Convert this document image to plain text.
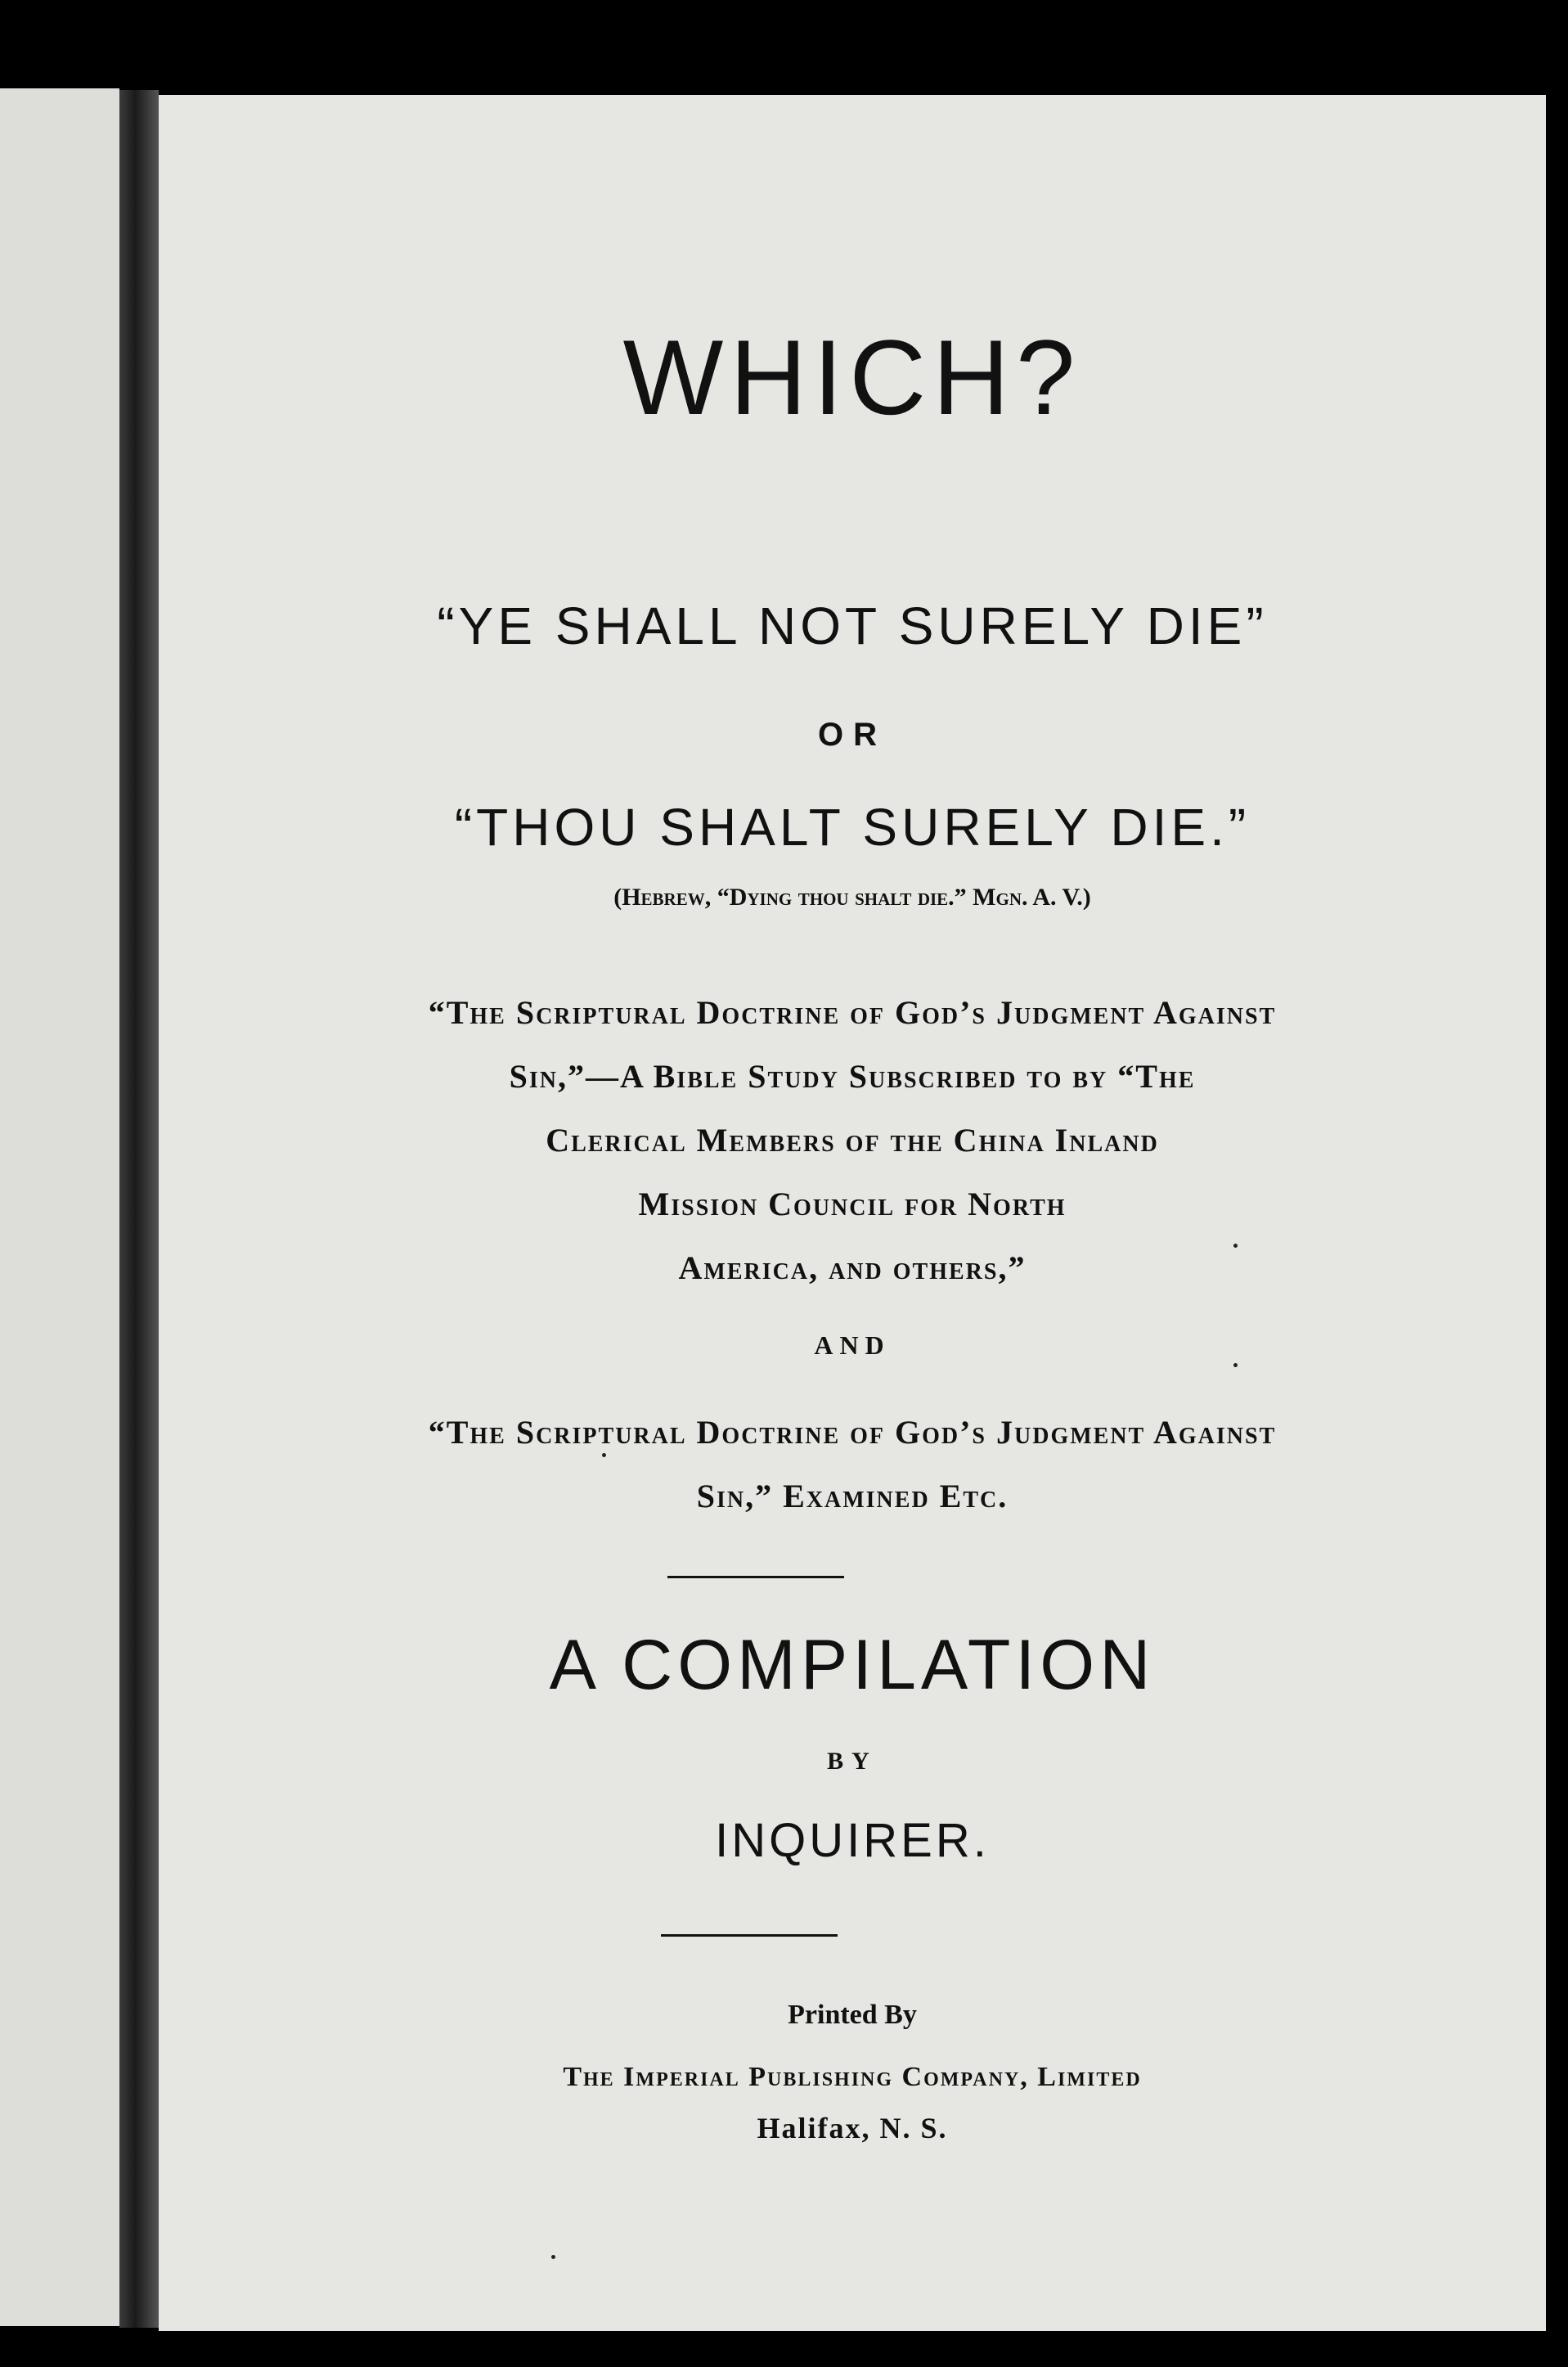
WHICH?
“YE SHALL NOT SURELY DIE”
OR
“THOU SHALT SURELY DIE.”
(Hebrew, “Dying thou shalt die.” Mgn. A. V.)
“The Scriptural Doctrine of God’s Judgment Against
Sin,”—A Bible Study Subscribed to by “The
Clerical Members of the China Inland
Mission Council for North
America, and others,”
AND
“The Scriptural Doctrine of God’s Judgment Against
Sin,” Examined Etc.
A COMPILATION
BY
INQUIRER.
Printed By
The Imperial Publishing Company, Limited
Halifax, N. S.
